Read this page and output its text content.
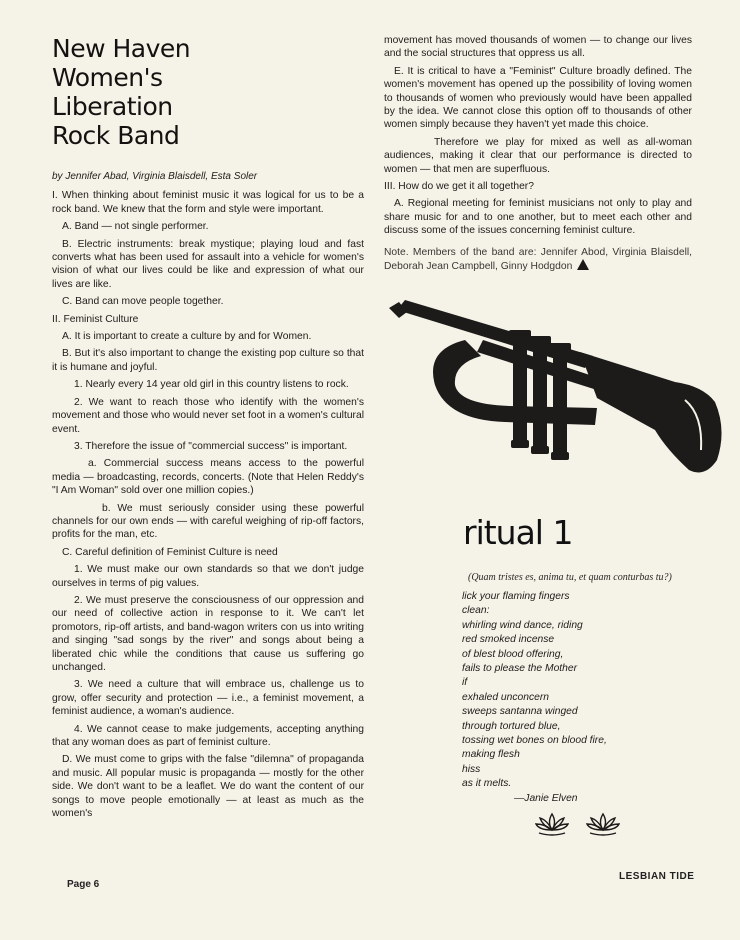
New Haven
Women's
Liberation
Rock Band
by Jennifer Abad, Virginia Blaisdell, Esta Soler

I. When thinking about feminist music it was logical for us to be a rock band. We knew that the form and style were important.

A. Band — not single performer.

B. Electric instruments: break mystique; playing loud and fast converts what has been used for assault into a vehicle for women's vision of what our lives could be like and expression of what our lives are like.

C. Band can move people together.

II. Feminist Culture

A. It is important to create a culture by and for Women.

B. But it's also important to change the existing pop culture so that it is humane and joyful.

1. Nearly every 14 year old girl in this country listens to rock.

2. We want to reach those who identify with the women's movement and those who would never set foot in a women's cultural event.

3. Therefore the issue of "commercial success" is important.

a. Commercial success means access to the powerful media — broadcasting, records, concerts. (Note that Helen Reddy's "I Am Woman" sold over one million copies.)

b. We must seriously consider using these powerful channels for our own ends — with careful weighing of rip-off factors, profits for the man, etc.

C. Careful definition of Feminist Culture is need

1. We must make our own standards so that we don't judge ourselves in terms of pig values.

2. We must preserve the consciousness of our oppression and our need of collective action in response to it. We can't let promotors, rip-off artists, and band-wagon writers con us into writing and singing "sad songs by the river" and songs about being a liberated chic while the conditions that cause us suffering go unchanged.

3. We need a culture that will embrace us, challenge us to grow, offer security and protection — i.e., a feminist movement, a feminist audience, a woman's audience.

4. We cannot cease to make judgements, accepting anything that any woman does as part of feminist culture.

D. We must come to grips with the false "dilemna" of propaganda and music. All popular music is propaganda — mostly for the other side. We don't want to be a leaflet. We do want the content of our songs to move people emotionally — at least as much as the women's

movement has moved thousands of women — to change our lives and the social structures that oppress us all.

E. It is critical to have a "Feminist" Culture broadly defined. The women's movement has opened up the possibility of loving women to thousands of women who previously would have been appalled by the idea. We cannot close this option off to thousands of other women simply because they haven't yet made this choice.

Therefore we play for mixed as well as all-woman audiences, making it clear that our performance is directed to women — that men are superfluous.

III. How do we get it all together?

A. Regional meeting for feminist musicians not only to play and share music for and to one another, but to meet each other and discuss some of the issues concerning feminist culture.

Note. Members of the band are: Jennifer Abod, Virginia Blaisdell, Deborah Jean Campbell, Ginny Hodgdon

ritual 1
(Quam tristes es, anima tu, et quam conturbas tu?)
lick your flaming fingers
clean:
whirling wind dance, riding
red smoked incense
of blest blood offering,
fails to please the Mother
if
exhaled unconcern
sweeps santanna winged
through tortured blue,
tossing wet bones on blood fire,
making flesh
hiss
as it melts.
—Janie Elven
Page 6
LESBIAN TIDE
